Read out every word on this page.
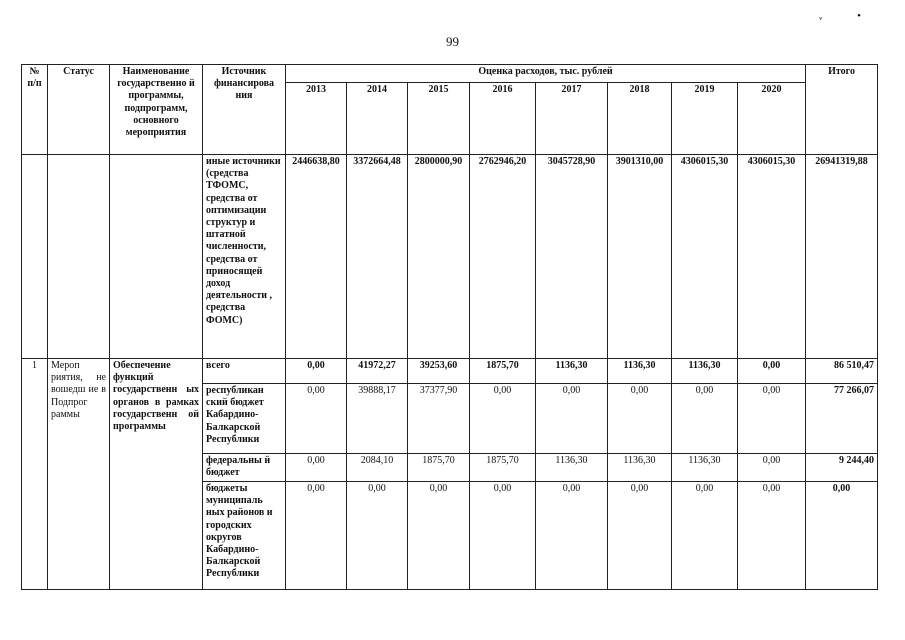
ᵥ •
99
№
п/п	Статус	Наименование государственно й программы, подпрограмм, основного мероприятия	Источник финансирова ния	Оценка расходов, тыс. рублей								Итого
				2013	2014	2015	2016	2017	2018	2019	2020	
			иные источники (средства ТФОМС, средства от оптимизации структур и штатной численности, средства от приносящей доход деятельности , средства ФОМС)	2446638,80	3372664,48	2800000,90	2762946,20	3045728,90	3901310,00	4306015,30	4306015,30	26941319,88
1	Мероп риятия, не вошедш ие в Подпрог раммы	Обеспечение функций государственн ых органов в рамках государственн ой программы	всего	0,00	41972,27	39253,60	1875,70	1136,30	1136,30	1136,30	0,00	86 510,47
			республикан ский бюджет Кабардино-Балкарской Республики	0,00	39888,17	37377,90	0,00	0,00	0,00	0,00	0,00	77 266,07
			федеральны й бюджет	0,00	2084,10	1875,70	1875,70	1136,30	1136,30	1136,30	0,00	9 244,40
			бюджеты муниципаль ных районов и городских округов Кабардино-Балкарской Республики	0,00	0,00	0,00	0,00	0,00	0,00	0,00	0,00	0,00
